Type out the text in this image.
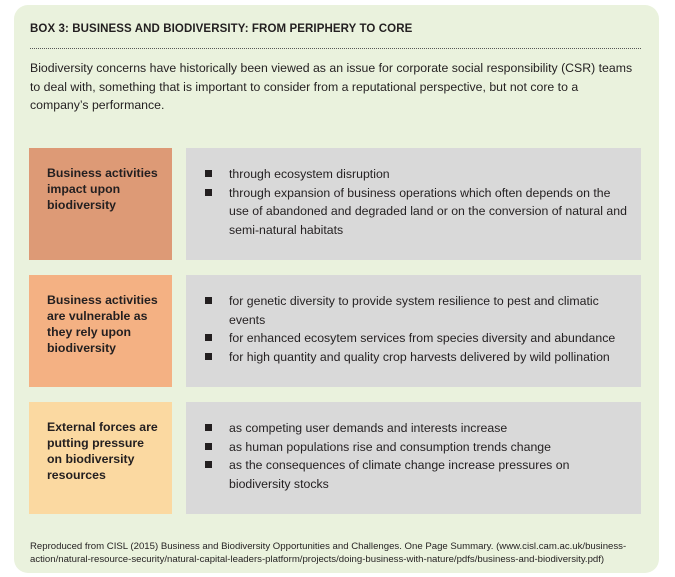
BOX 3: BUSINESS AND BIODIVERSITY: FROM PERIPHERY TO CORE

Biodiversity concerns have historically been viewed as an issue for corporate social responsibility (CSR) teams to deal with, something that is important to consider from a reputational perspective, but not core to a company’s performance.

Business activities impact upon biodiversity
through ecosystem disruption
through expansion of business operations which often depends on the use of abandoned and degraded land or on the conversion of natural and semi-natural habitats
Business activities are vulnerable as they rely upon biodiversity
for genetic diversity to provide system resilience to pest and climatic events
for enhanced ecosytem services from species diversity and abundance
for high quantity and quality crop harvests delivered by wild pollination
External forces are putting pressure on biodiversity resources
as competing user demands and interests increase
as human populations rise and consumption trends change
as the consequences of climate change increase pressures on biodiversity stocks

Reproduced from CISL (2015) Business and Biodiversity Opportunities and Challenges. One Page Summary. (www.cisl.cam.ac.uk/business-action/natural-resource-security/natural-capital-leaders-platform/projects/doing-business-with-nature/pdfs/business-and-biodiversity.pdf)
